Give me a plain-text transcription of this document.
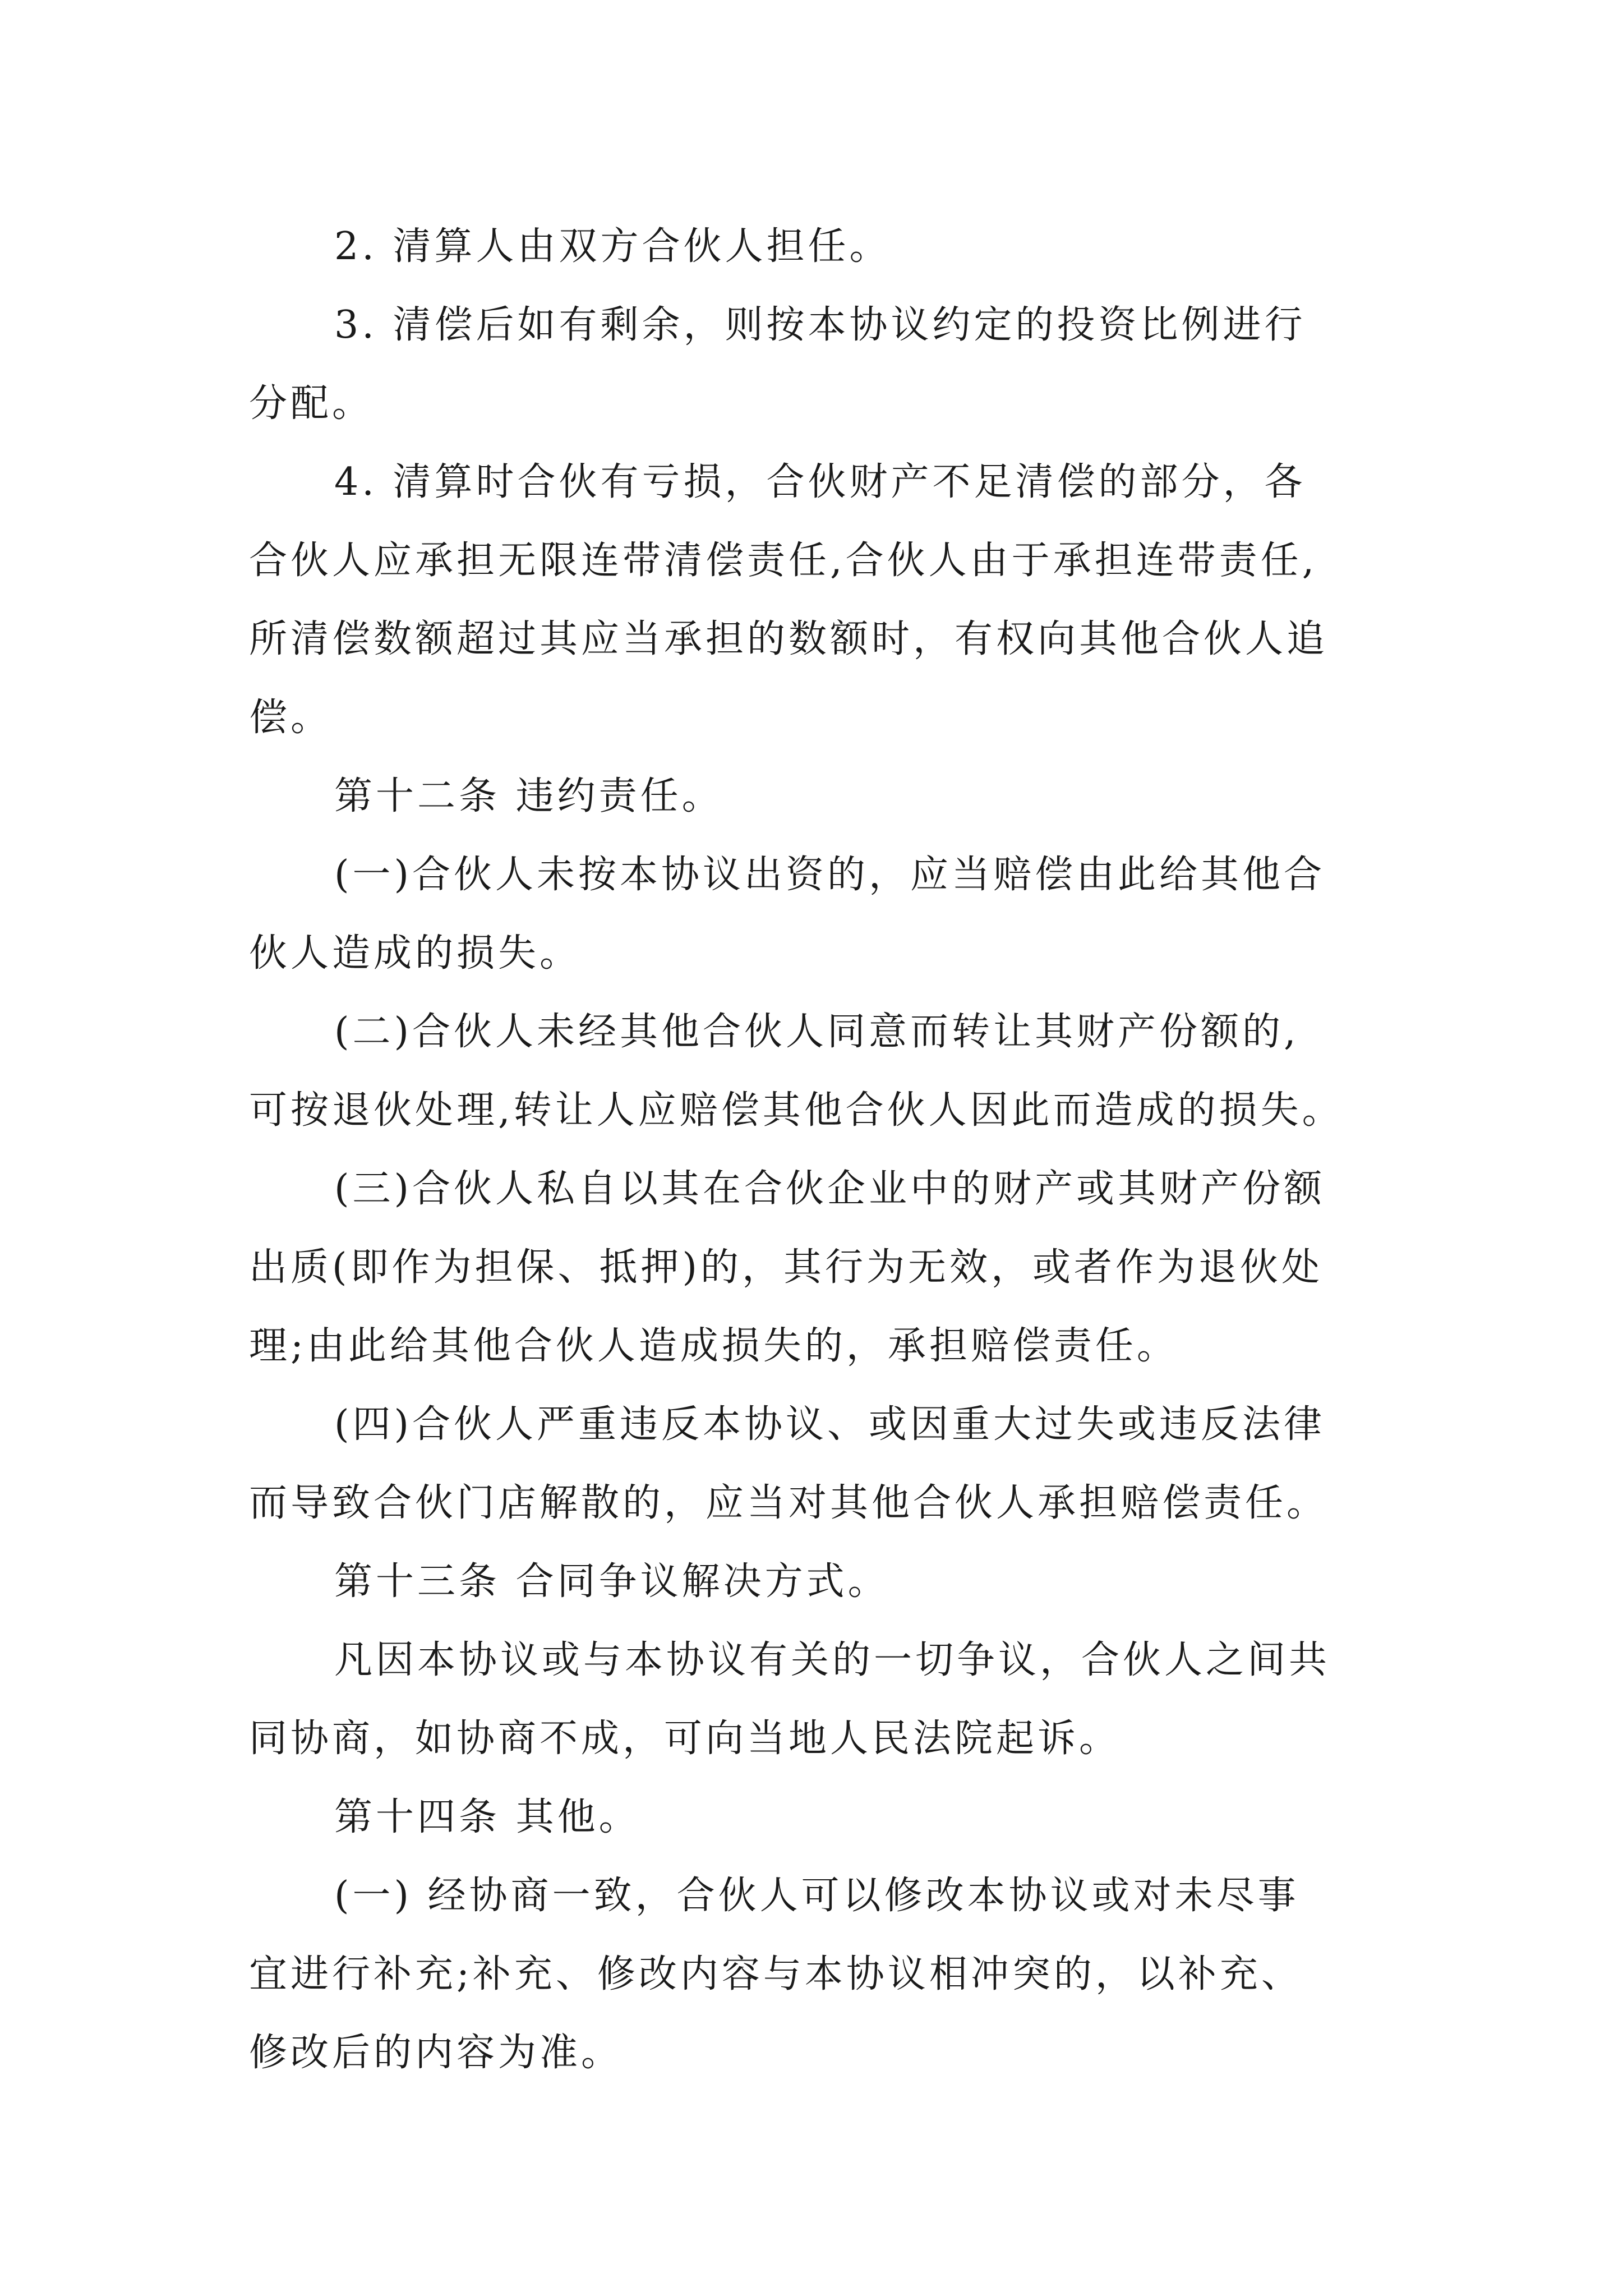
2. 清算人由双方合伙人担任。
3. 清偿后如有剩余，则按本协议约定的投资比例进行
分配。
4. 清算时合伙有亏损，合伙财产不足清偿的部分，各
合伙人应承担无限连带清偿责任,合伙人由于承担连带责任,
所清偿数额超过其应当承担的数额时，有权向其他合伙人追
偿。
第十二条 违约责任。
(一)合伙人未按本协议出资的，应当赔偿由此给其他合
伙人造成的损失。
(二)合伙人未经其他合伙人同意而转让其财产份额的,
可按退伙处理,转让人应赔偿其他合伙人因此而造成的损失。
(三)合伙人私自以其在合伙企业中的财产或其财产份额
出质(即作为担保、抵押)的，其行为无效，或者作为退伙处
理;由此给其他合伙人造成损失的，承担赔偿责任。
(四)合伙人严重违反本协议、或因重大过失或违反法律
而导致合伙门店解散的，应当对其他合伙人承担赔偿责任。
第十三条 合同争议解决方式。
凡因本协议或与本协议有关的一切争议，合伙人之间共
同协商，如协商不成，可向当地人民法院起诉。
第十四条 其他。
(一) 经协商一致，合伙人可以修改本协议或对未尽事
宜进行补充;补充、修改内容与本协议相冲突的，以补充、
修改后的内容为准。
